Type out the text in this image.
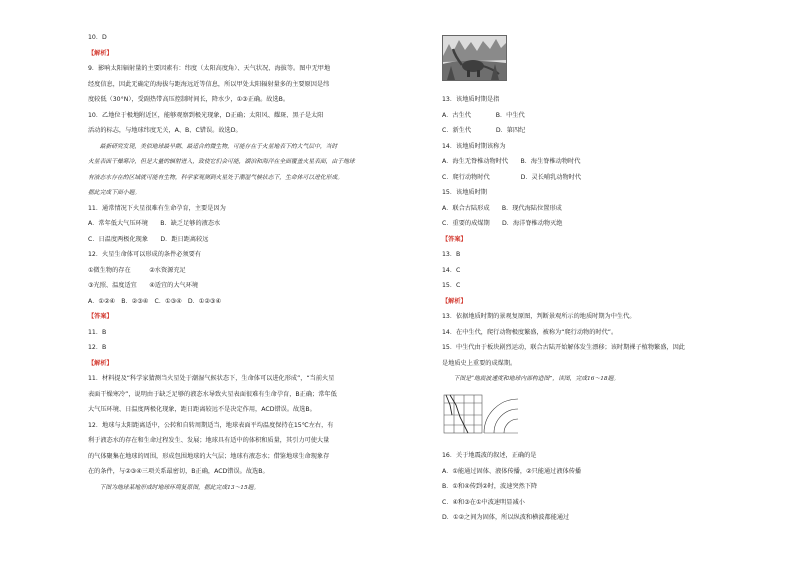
10．D
【解析】
9．影响太阳辐射量的主要因素有：纬度（太阳高度角）、天气状况、海拔等。图中无甲地
经度信息，因此无确定的海拔与距海远近等信息，所以甲处太阳辐射量多的主要原因是纬
度较低（30°N），受副热带高压控制时间长，降水少，①③正确。故选B。
10．乙地位于极地附近区，能够观察到极光现象，D正确；太阳风、耀斑、黑子是太阳
活动的标志，与地球纬度无关，A、B、C错误。故选D。
　　最新研究发现，类似地球最早期、最适合的微生物，可能存在于火星地表下的大气层中，当时
火星表面干燥寒冷，但是大量的辐射进入，致使它们会可能，湖泊和海洋在全面覆盖火星表面，由于地球
有液态水存在的区域就可能有生物，科学家观测到火星处于潮湿气候状态下，生命体可以进化形成。
据此完成下面小题。
11．通常情况下火星很难有生命孕育，主要是因为
A．常年低大气压环境　　B．缺乏足够的液态水
C．日温度两极化现象　　D．距日距离较远
12．火星生命体可以形成的条件必须要有
①微生物的存在　　　②水资源充足
③光照、温度适宜　　④适宜的大气环境
A．①②④　B．②③④　C．①③④　D．①②③④
【答案】
11．B
12．B
【解析】
11．材料提及“科学家猜测当火星处于潮湿气候状态下，生命体可以进化形成”，“当前火星
表面干燥寒冷”，说明由于缺乏足够的液态水导致火星表面很难有生命孕育，B正确；常年低
大气压环境、日温度两极化现象，距日距离较远不是决定作用，ACD错误。故选B。
12．地球与太阳距离适中，公转和自转周期适当，地球表面平均温度保持在15℃左右，有
利于液态水的存在和生命过程发生、发展；地球具有适中的体积和质量，其引力可使大量
的气体聚集在地球的周围，形成包围地球的大气层；地球有液态水；借鉴地球生命现象存
在的条件，与②③④三项关系最密切，B正确，ACD错误。故选B。
　　下图为地球某地形成时地球环境复原图，据此完成13～15题。
13．该地质时期是指
A．古生代　　　　B．中生代
C．新生代　　　　D．第四纪
14．该地质时期该称为
A．海生无脊椎动物时代　　B．海生脊椎动物时代
C．爬行动物时代　　　　　D．灵长哺乳动物时代
15．该地质时期
A．联合古陆形成　　B．现代海陆位置形成
C．重要的成煤期　　D．海洋脊椎动物灭绝
【答案】
13．B
14．C
15．C
【解析】
13．依据地质时期的景观复原图，判断景观所示的地质时期为中生代。
14．在中生代，爬行动物极度繁盛，被称为“爬行动物的时代”。
15．中生代由于板块剧烈运动，联合古陆开始解体发生漂移；该时期裸子植物繁盛，因此
是地质史上重要的成煤期。
　　下图是“地震波速度和地球内部构造图”，读图，完成16～18题。
16．关于地震波的叙述，正确的是
A．①能通过固体、液体传播，②只能通过液体传播
B．①和④传到②时，波速突然下降
C．④和③在①中波速明显减小
D．①②之间为固体，所以纵波和横波都能通过
